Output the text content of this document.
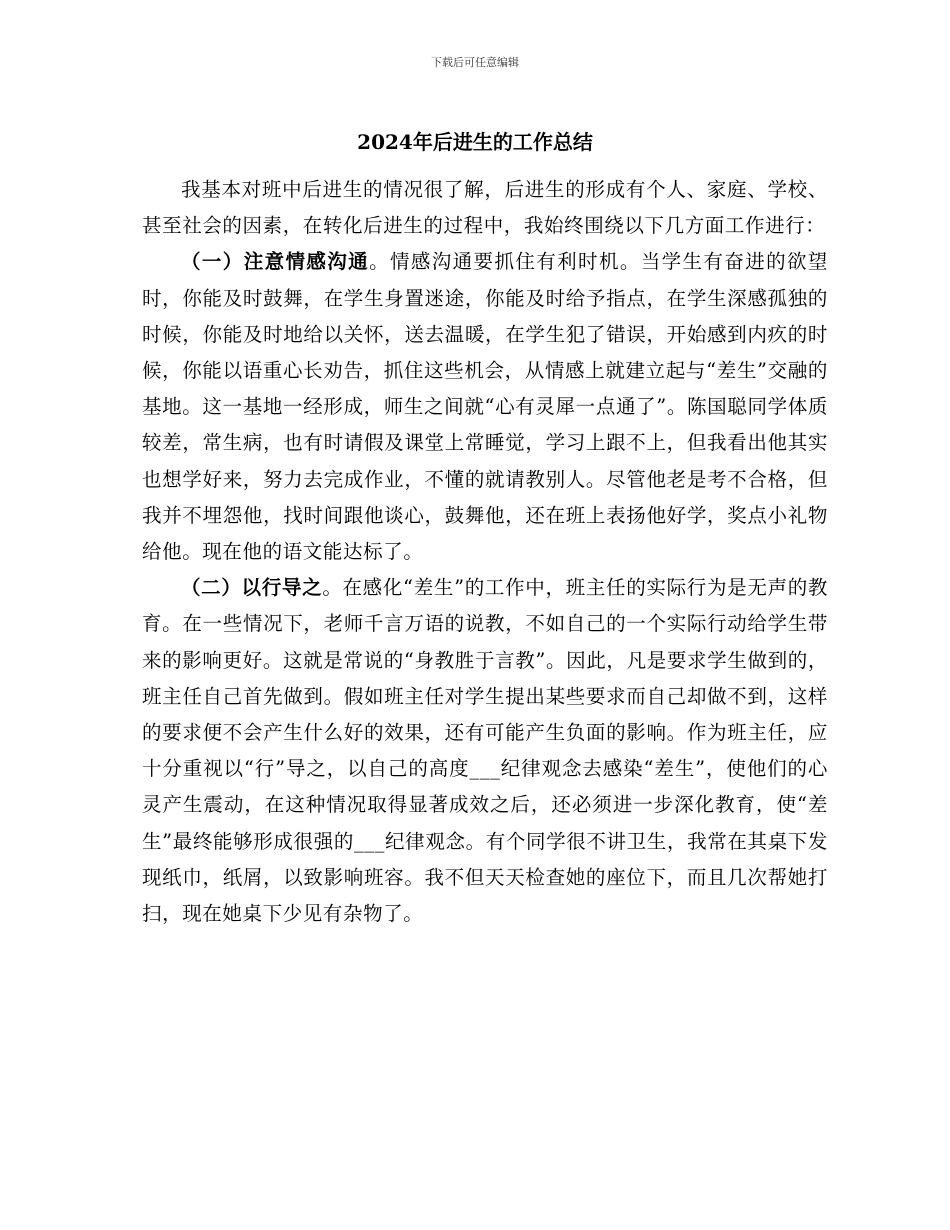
下载后可任意编辑
2024年后进生的工作总结

我基本对班中后进生的情况很了解，后进生的形成有个人、家庭、学校、甚至社会的因素，在转化后进生的过程中，我始终围绕以下几方面工作进行：

（一）注意情感沟通。情感沟通要抓住有利时机。当学生有奋进的欲望时，你能及时鼓舞，在学生身置迷途，你能及时给予指点，在学生深感孤独的时候，你能及时地给以关怀，送去温暖，在学生犯了错误，开始感到内疚的时候，你能以语重心长劝告，抓住这些机会，从情感上就建立起与“差生”交融的基地。这一基地一经形成，师生之间就“心有灵犀一点通了”。陈国聪同学体质较差，常生病，也有时请假及课堂上常睡觉，学习上跟不上，但我看出他其实也想学好来，努力去完成作业，不懂的就请教别人。尽管他老是考不合格，但我并不埋怨他，找时间跟他谈心，鼓舞他，还在班上表扬他好学，奖点小礼物给他。现在他的语文能达标了。

（二）以行导之。在感化“差生”的工作中，班主任的实际行为是无声的教育。在一些情况下，老师千言万语的说教，不如自己的一个实际行动给学生带来的影响更好。这就是常说的“身教胜于言教”。因此，凡是要求学生做到的，班主任自己首先做到。假如班主任对学生提出某些要求而自己却做不到，这样的要求便不会产生什么好的效果，还有可能产生负面的影响。作为班主任，应十分重视以“行”导之，以自己的高度___纪律观念去感染“差生”，使他们的心灵产生震动，在这种情况取得显著成效之后，还必须进一步深化教育，使“差生”最终能够形成很强的___纪律观念。有个同学很不讲卫生，我常在其桌下发现纸巾，纸屑，以致影响班容。我不但天天检查她的座位下，而且几次帮她打扫，现在她桌下少见有杂物了。
